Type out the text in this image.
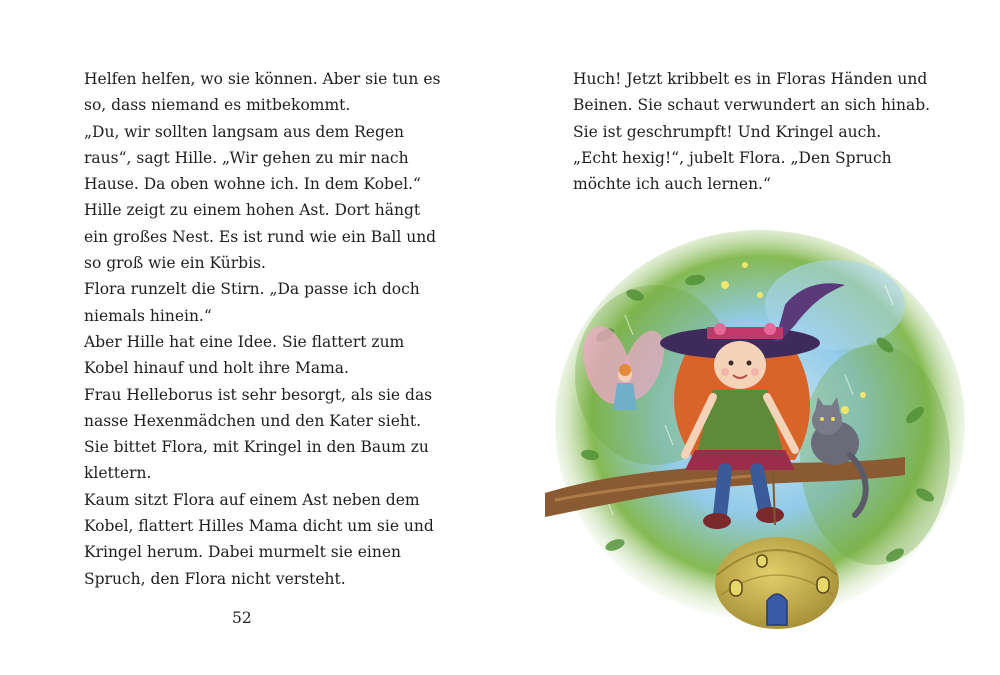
Helfen helfen, wo sie können. Aber sie tun es
so, dass niemand es mitbekommt.
„Du, wir sollten langsam aus dem Regen
raus“, sagt Hille. „Wir gehen zu mir nach
Hause. Da oben wohne ich. In dem Kobel.“
Hille zeigt zu einem hohen Ast. Dort hängt
ein großes Nest. Es ist rund wie ein Ball und
so groß wie ein Kürbis.
Flora runzelt die Stirn. „Da passe ich doch
niemals hinein.“
Aber Hille hat eine Idee. Sie flattert zum
Kobel hinauf und holt ihre Mama.
Frau Helleborus ist sehr besorgt, als sie das
nasse Hexenmädchen und den Kater sieht.
Sie bittet Flora, mit Kringel in den Baum zu
klettern.
Kaum sitzt Flora auf einem Ast neben dem
Kobel, flattert Hilles Mama dicht um sie und
Kringel herum. Dabei murmelt sie einen
Spruch, den Flora nicht versteht.
52
Huch! Jetzt kribbelt es in Floras Händen und
Beinen. Sie schaut verwundert an sich hinab.
Sie ist geschrumpft! Und Kringel auch.
„Echt hexig!“, jubelt Flora. „Den Spruch
möchte ich auch lernen.“
